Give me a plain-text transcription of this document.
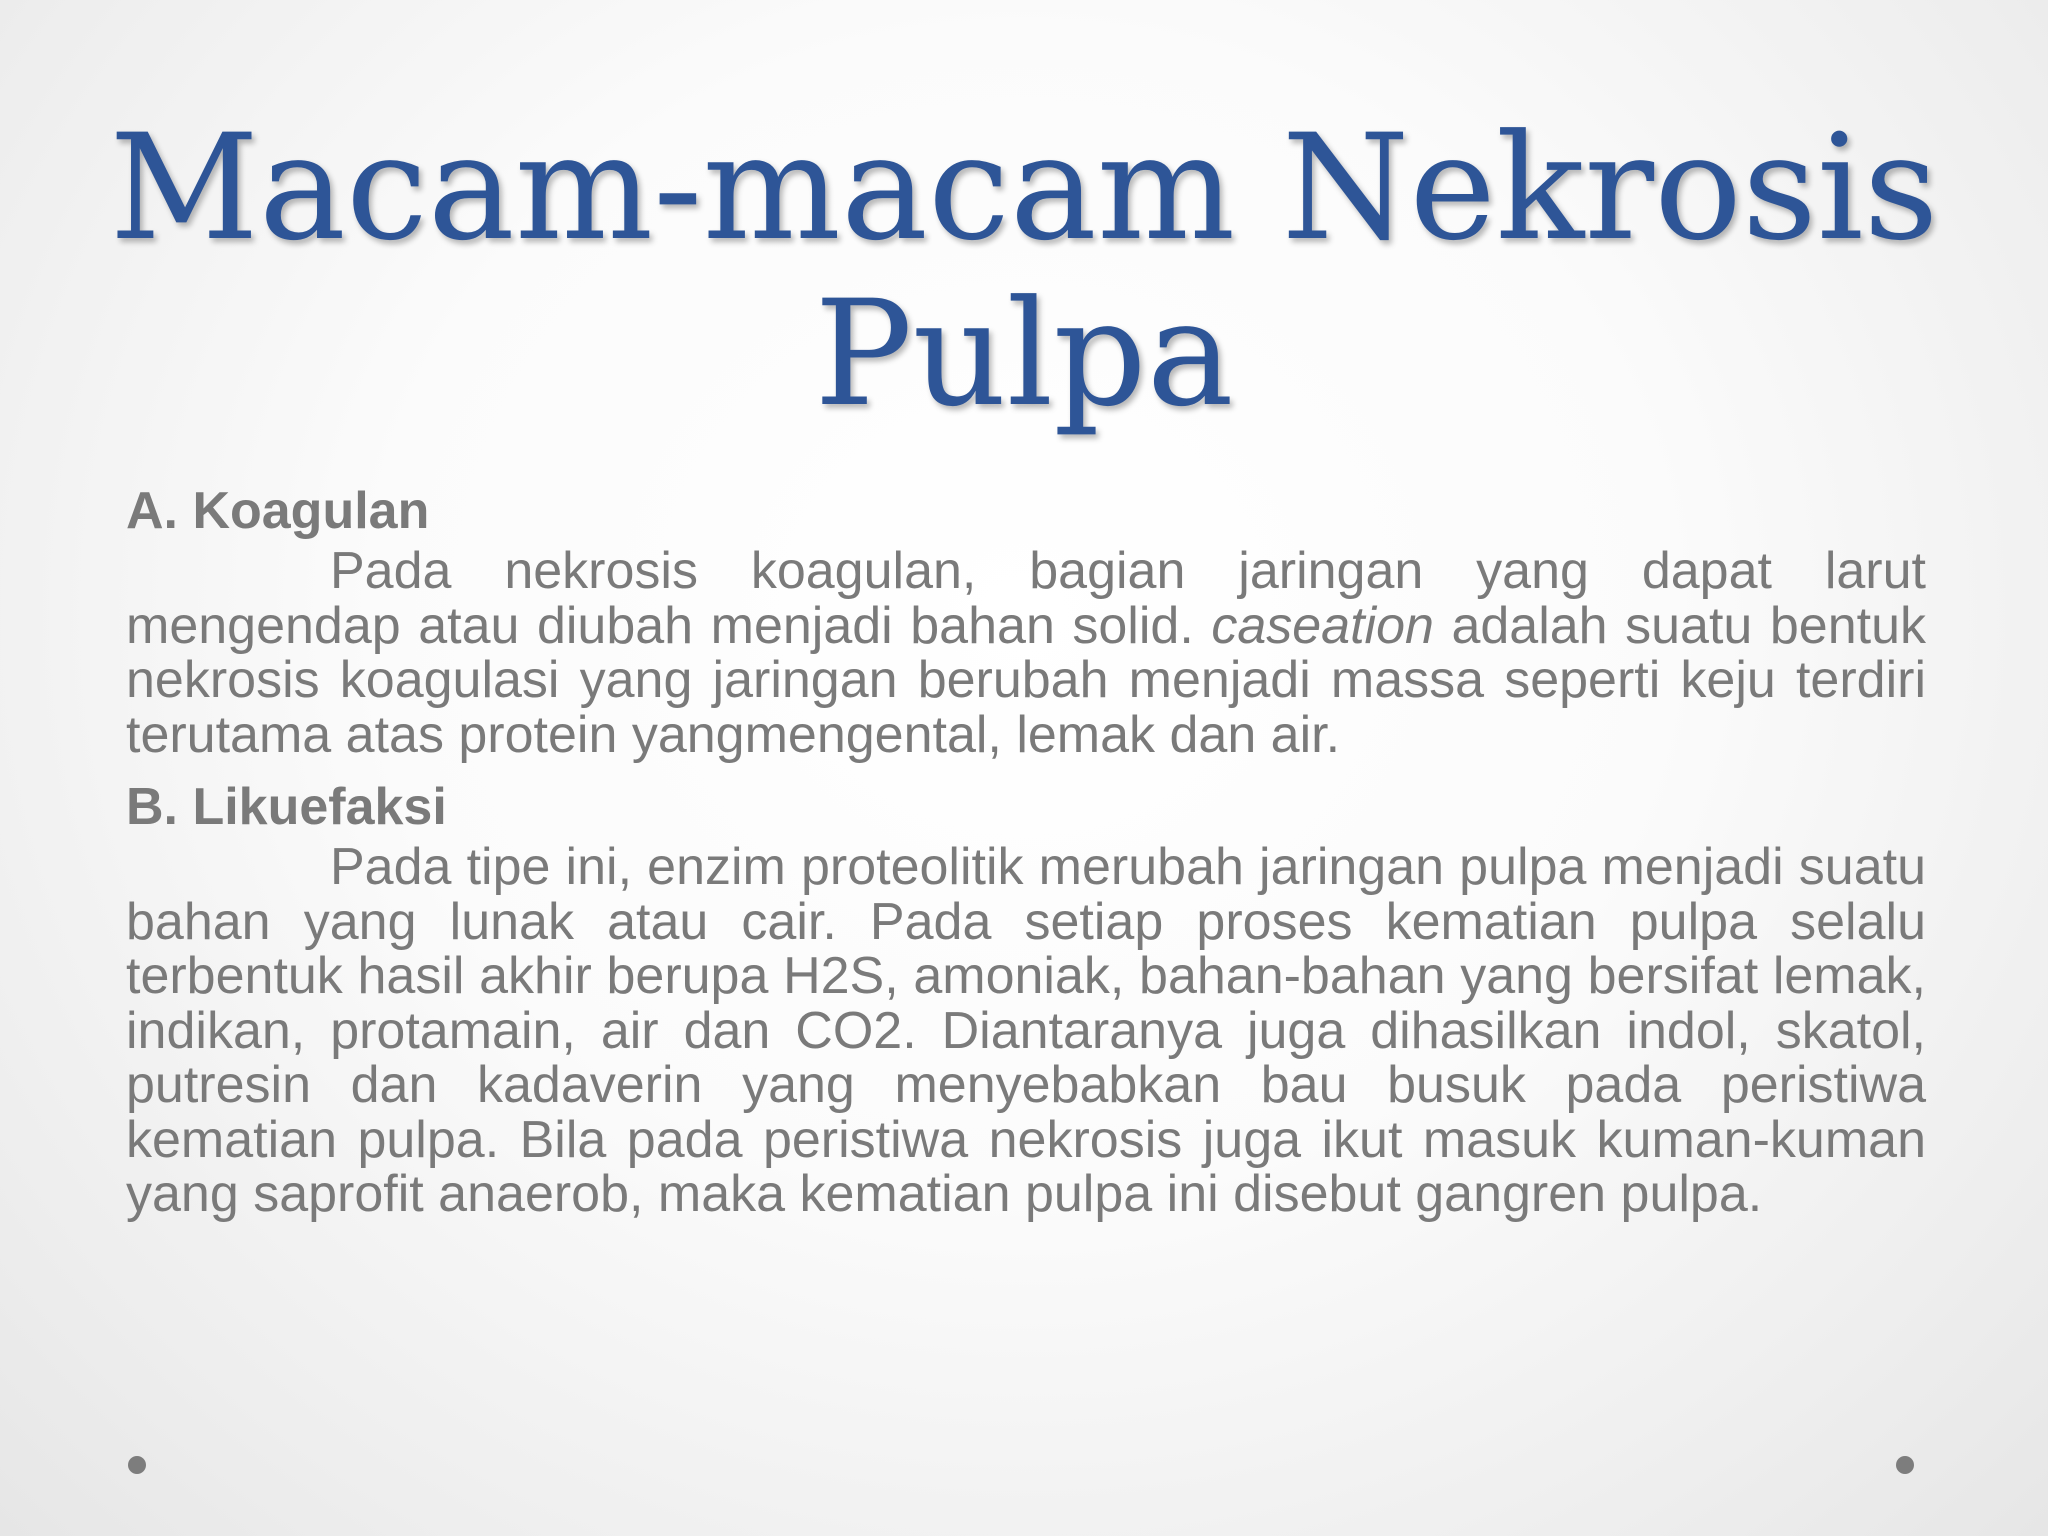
Macam-macam Nekrosis Pulpa

A. Koagulan

Pada nekrosis koagulan, bagian jaringan yang dapat larut mengendap atau diubah menjadi bahan solid. caseation adalah suatu bentuk nekrosis koagulasi yang jaringan berubah menjadi massa seperti keju terdiri terutama atas protein yangmengental, lemak dan air.

B. Likuefaksi

Pada tipe ini, enzim proteolitik merubah jaringan pulpa menjadi suatu bahan yang lunak atau cair. Pada setiap proses kematian pulpa selalu terbentuk hasil akhir berupa H2S, amoniak, bahan-bahan yang bersifat lemak, indikan, protamain, air dan CO2. Diantaranya juga dihasilkan indol, skatol, putresin dan kadaverin yang menyebabkan bau busuk pada peristiwa kematian pulpa. Bila pada peristiwa nekrosis juga ikut masuk kuman-kuman yang saprofit anaerob, maka kematian pulpa ini disebut gangren pulpa.
